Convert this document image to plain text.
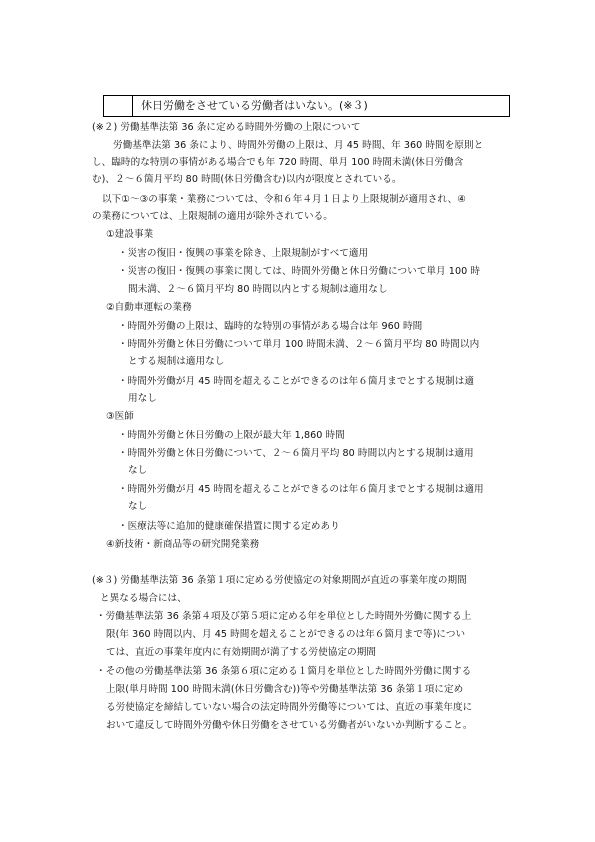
休日労働をさせている労働者はいない。(※３)
(※２) 労働基準法第 36 条に定める時間外労働の上限について
労働基準法第 36 条により、時間外労働の上限は、月 45 時間、年 360 時間を原則と
し、臨時的な特別の事情がある場合でも年 720 時間、単月 100 時間未満(休日労働含
む)、２～６箇月平均 80 時間(休日労働含む)以内が限度とされている。
以下①～③の事業・業務については、令和６年４月１日より上限規制が適用され、④
の業務については、上限規制の適用が除外されている。
①建設事業
・災害の復旧・復興の事業を除き、上限規制がすべて適用
・災害の復旧・復興の事業に関しては、時間外労働と休日労働について単月 100 時
間未満、２～６箇月平均 80 時間以内とする規制は適用なし
②自動車運転の業務
・時間外労働の上限は、臨時的な特別の事情がある場合は年 960 時間
・時間外労働と休日労働について単月 100 時間未満、２～６箇月平均 80 時間以内
とする規制は適用なし
・時間外労働が月 45 時間を超えることができるのは年６箇月までとする規制は適
用なし
③医師
・時間外労働と休日労働の上限が最大年 1,860 時間
・時間外労働と休日労働について、２～６箇月平均 80 時間以内とする規制は適用
なし
・時間外労働が月 45 時間を超えることができるのは年６箇月までとする規制は適用
なし
・医療法等に追加的健康確保措置に関する定めあり
④新技術・新商品等の研究開発業務
(※３) 労働基準法第 36 条第１項に定める労使協定の対象期間が直近の事業年度の期間
と異なる場合には、
・労働基準法第 36 条第４項及び第５項に定める年を単位とした時間外労働に関する上
限(年 360 時間以内、月 45 時間を超えることができるのは年６箇月まで等)につい
ては、直近の事業年度内に有効期間が満了する労使協定の期間
・その他の労働基準法第 36 条第６項に定める１箇月を単位とした時間外労働に関する
上限(単月時間 100 時間未満(休日労働含む))等や労働基準法第 36 条第１項に定め
る労使協定を締結していない場合の法定時間外労働等については、直近の事業年度に
おいて違反して時間外労働や休日労働をさせている労働者がいないか判断すること。
